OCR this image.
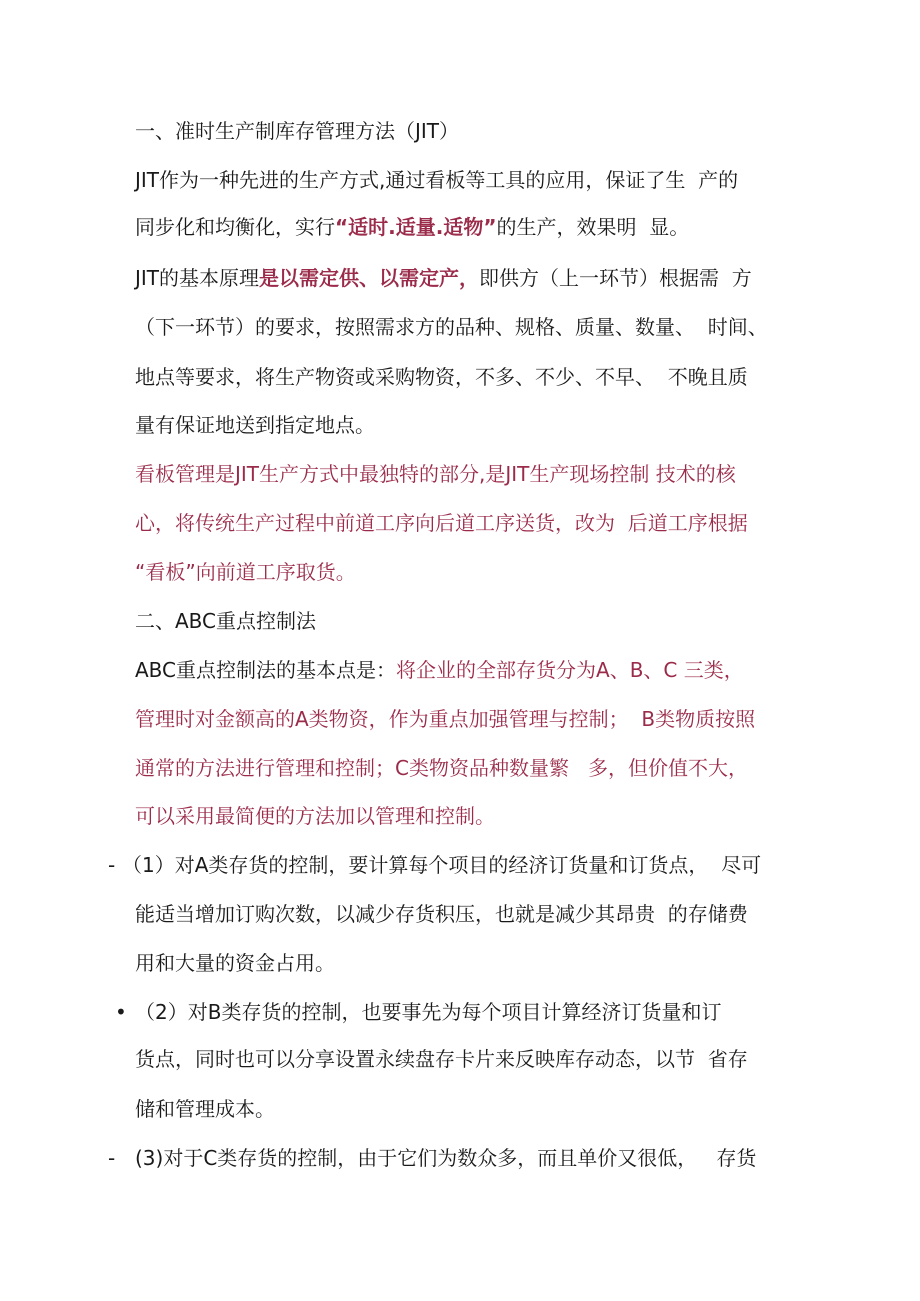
一、准时生产制库存管理方法（JIT）
JIT作为一种先进的生产方式,通过看板等工具的应用，保证了生  产的
同步化和均衡化，实行“适时.适量.适物”的生产，效果明  显。
JIT的基本原理是以需定供、以需定产，即供方（上一环节）根据需  方
（下一环节）的要求，按照需求方的品种、规格、质量、数量、  时间、
地点等要求，将生产物资或采购物资，不多、不少、不早、  不晚且质
量有保证地送到指定地点。
看板管理是JIT生产方式中最独特的部分,是JIT生产现场控制 技术的核
心，将传统生产过程中前道工序向后道工序送货，改为  后道工序根据
“看板”向前道工序取货。
二、ABC重点控制法
ABC重点控制法的基本点是：将企业的全部存货分为A、B、C 三类，
管理时对金额高的A类物资，作为重点加强管理与控制；  B类物质按照
通常的方法进行管理和控制；C类物资品种数量繁   多，但价值不大，
可以采用最简便的方法加以管理和控制。
- （1）对A类存货的控制，要计算每个项目的经济订货量和订货点，  尽可
能适当增加订购次数，以减少存货积压，也就是减少其昂贵  的存储费
用和大量的资金占用。
• （2）对B类存货的控制，也要事先为每个项目计算经济订货量和订
货点，同时也可以分享设置永续盘存卡片来反映库存动态，以节  省存
储和管理成本。
- (3)对于C类存货的控制，由于它们为数众多，而且单价又很低，   存货
